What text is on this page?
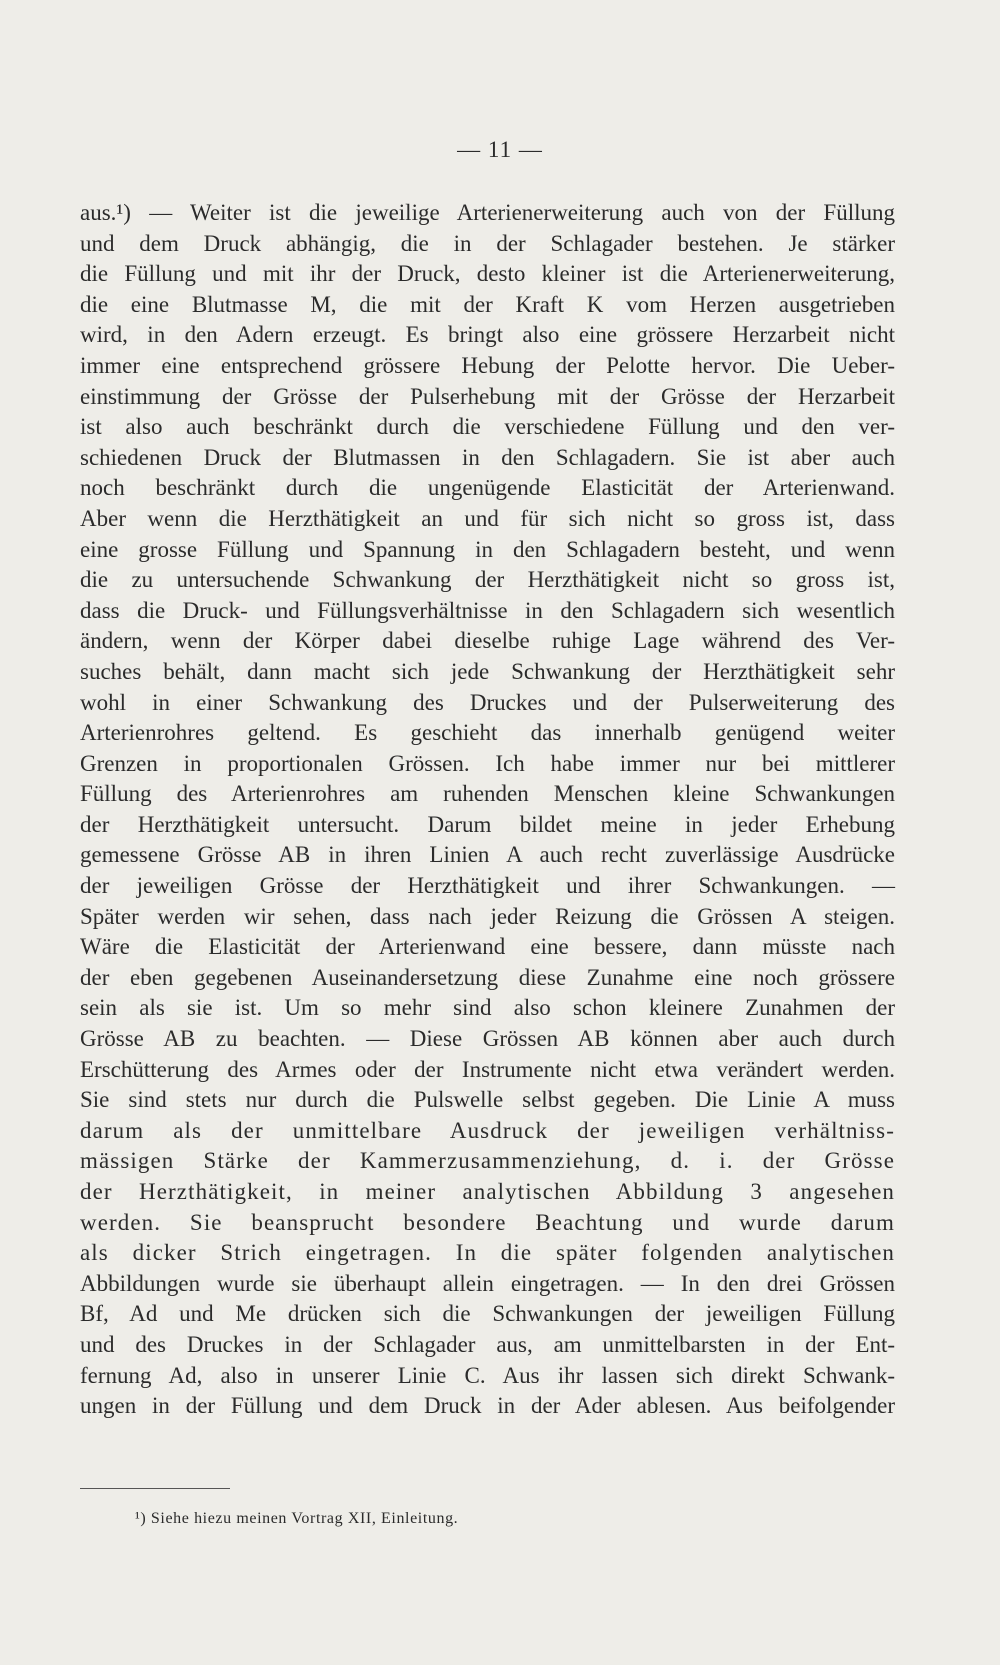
— 11 —
aus.¹) — Weiter ist die jeweilige Arterienerweiterung auch von der Füllung
und dem Druck abhängig, die in der Schlagader bestehen. Je stärker
die Füllung und mit ihr der Druck, desto kleiner ist die Arterienerweiterung,
die eine Blutmasse M, die mit der Kraft K vom Herzen ausgetrieben
wird, in den Adern erzeugt. Es bringt also eine grössere Herzarbeit nicht
immer eine entsprechend grössere Hebung der Pelotte hervor. Die Ueber-
einstimmung der Grösse der Pulserhebung mit der Grösse der Herzarbeit
ist also auch beschränkt durch die verschiedene Füllung und den ver-
schiedenen Druck der Blutmassen in den Schlagadern. Sie ist aber auch
noch beschränkt durch die ungenügende Elasticität der Arterienwand.
Aber wenn die Herzthätigkeit an und für sich nicht so gross ist, dass
eine grosse Füllung und Spannung in den Schlagadern besteht, und wenn
die zu untersuchende Schwankung der Herzthätigkeit nicht so gross ist,
dass die Druck- und Füllungsverhältnisse in den Schlagadern sich wesentlich
ändern, wenn der Körper dabei dieselbe ruhige Lage während des Ver-
suches behält, dann macht sich jede Schwankung der Herzthätigkeit sehr
wohl in einer Schwankung des Druckes und der Pulserweiterung des
Arterienrohres geltend. Es geschieht das innerhalb genügend weiter
Grenzen in proportionalen Grössen. Ich habe immer nur bei mittlerer
Füllung des Arterienrohres am ruhenden Menschen kleine Schwankungen
der Herzthätigkeit untersucht. Darum bildet meine in jeder Erhebung
gemessene Grösse AB in ihren Linien A auch recht zuverlässige Ausdrücke
der jeweiligen Grösse der Herzthätigkeit und ihrer Schwankungen. —
Später werden wir sehen, dass nach jeder Reizung die Grössen A steigen.
Wäre die Elasticität der Arterienwand eine bessere, dann müsste nach
der eben gegebenen Auseinandersetzung diese Zunahme eine noch grössere
sein als sie ist. Um so mehr sind also schon kleinere Zunahmen der
Grösse AB zu beachten. — Diese Grössen AB können aber auch durch
Erschütterung des Armes oder der Instrumente nicht etwa verändert werden.
Sie sind stets nur durch die Pulswelle selbst gegeben. Die Linie A muss
darum als der unmittelbare Ausdruck der jeweiligen verhältniss-
mässigen Stärke der Kammerzusammenziehung, d. i. der Grösse
der Herzthätigkeit, in meiner analytischen Abbildung 3 angesehen
werden. Sie beansprucht besondere Beachtung und wurde darum
als dicker Strich eingetragen. In die später folgenden analytischen
Abbildungen wurde sie überhaupt allein eingetragen. — In den drei Grössen
Bf, Ad und Me drücken sich die Schwankungen der jeweiligen Füllung
und des Druckes in der Schlagader aus, am unmittelbarsten in der Ent-
fernung Ad, also in unserer Linie C. Aus ihr lassen sich direkt Schwank-
ungen in der Füllung und dem Druck in der Ader ablesen. Aus beifolgender
¹) Siehe hiezu meinen Vortrag XII, Einleitung.
